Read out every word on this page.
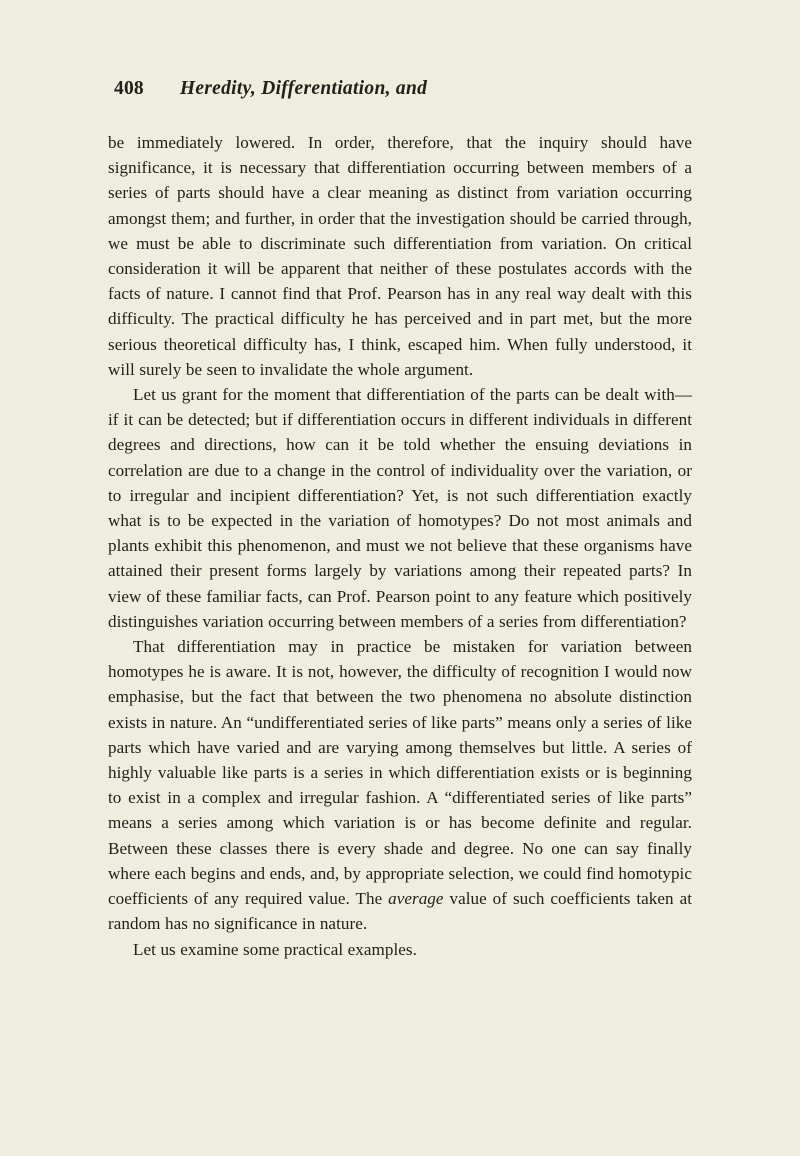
408 Heredity, Differentiation, and

be immediately lowered. In order, therefore, that the inquiry should have significance, it is necessary that differentiation occurring between members of a series of parts should have a clear meaning as distinct from variation occurring amongst them; and further, in order that the investigation should be carried through, we must be able to discriminate such differentiation from variation. On critical consideration it will be apparent that neither of these postulates accords with the facts of nature. I cannot find that Prof. Pearson has in any real way dealt with this difficulty. The practical difficulty he has perceived and in part met, but the more serious theoretical difficulty has, I think, escaped him. When fully understood, it will surely be seen to invalidate the whole argument.

Let us grant for the moment that differentiation of the parts can be dealt with—if it can be detected; but if differentiation occurs in different individuals in different degrees and directions, how can it be told whether the ensuing deviations in correlation are due to a change in the control of individuality over the variation, or to irregular and incipient differentiation? Yet, is not such differentiation exactly what is to be expected in the variation of homotypes? Do not most animals and plants exhibit this phenomenon, and must we not believe that these organisms have attained their present forms largely by variations among their repeated parts? In view of these familiar facts, can Prof. Pearson point to any feature which positively distinguishes variation occurring between members of a series from differentiation?

That differentiation may in practice be mistaken for variation between homotypes he is aware. It is not, however, the difficulty of recognition I would now emphasise, but the fact that between the two phenomena no absolute distinction exists in nature. An “undifferentiated series of like parts” means only a series of like parts which have varied and are varying among themselves but little. A series of highly valuable like parts is a series in which differentiation exists or is beginning to exist in a complex and irregular fashion. A “differentiated series of like parts” means a series among which variation is or has become definite and regular. Between these classes there is every shade and degree. No one can say finally where each begins and ends, and, by appropriate selection, we could find homotypic coefficients of any required value. The average value of such coefficients taken at random has no significance in nature.

Let us examine some practical examples.
